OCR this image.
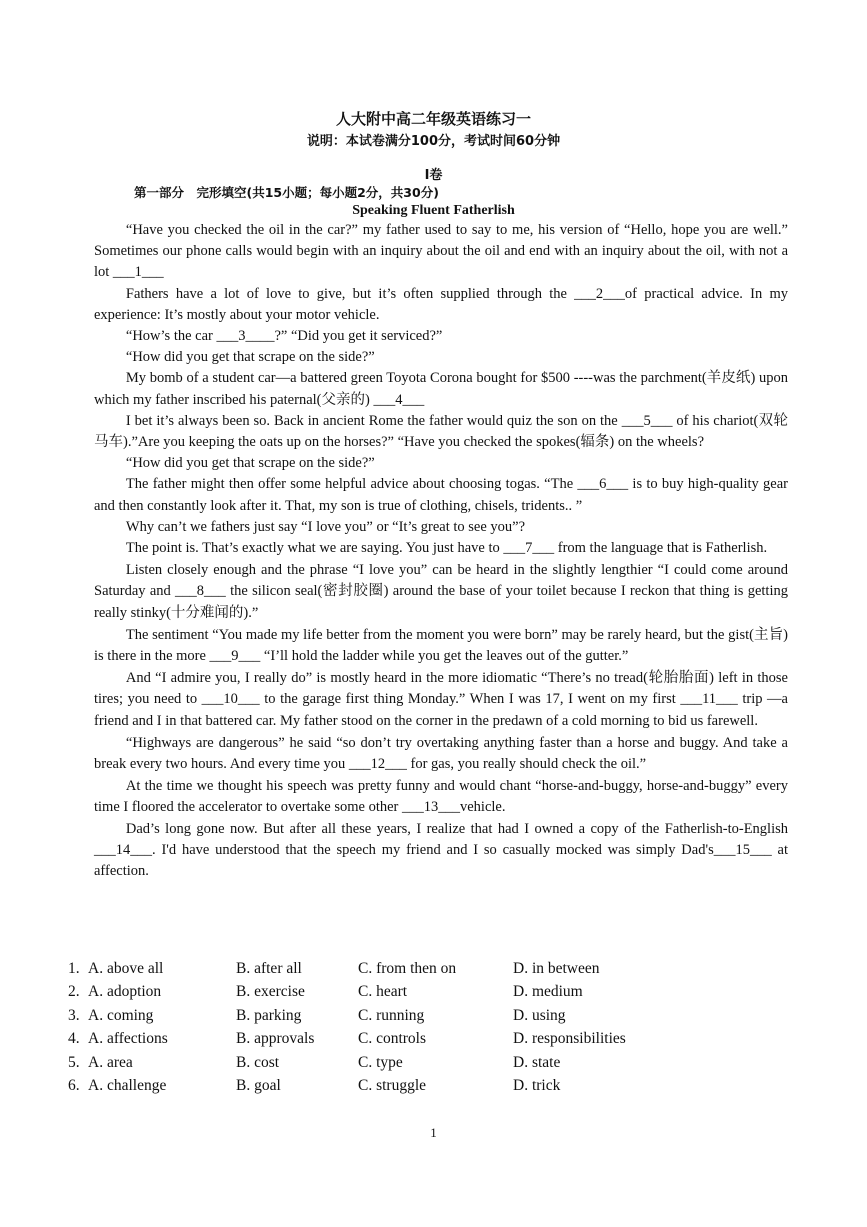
人大附中高二年级英语练习一
说明：本试卷满分100分，考试时间60分钟
I卷
第一部分　完形填空(共15小题；每小题2分，共30分)
Speaking Fluent Fatherlish

“Have you checked the oil in the car?” my father used to say to me, his version of “Hello, hope you are well.” Sometimes our phone calls would begin with an inquiry about the oil and end with an inquiry about the oil, with not a lot ___1___

Fathers have a lot of love to give, but it’s often supplied through the ___2___of practical advice. In my experience: It’s mostly about your motor vehicle.

“How’s the car ___3____?” “Did you get it serviced?”

“How did you get that scrape on the side?”

My bomb of a student car—a battered green Toyota Corona bought for $500 ----was the parchment(羊皮纸) upon which my father inscribed his paternal(父亲的) ___4___

I bet it’s always been so. Back in ancient Rome the father would quiz the son on the ___5___ of his chariot(双轮马车).”Are you keeping the oats up on the horses?” “Have you checked the spokes(辐条) on the wheels?

“How did you get that scrape on the side?”

The father might then offer some helpful advice about choosing togas. “The ___6___ is to buy high-quality gear and then constantly look after it. That, my son is true of clothing, chisels, tridents.. ”

Why can’t we fathers just say “I love you” or “It’s great to see you”?

The point is. That’s exactly what we are saying. You just have to ___7___ from the language that is Fatherlish.

Listen closely enough and the phrase “I love you” can be heard in the slightly lengthier “I could come around Saturday and ___8___ the silicon seal(密封胶圈) around the base of your toilet because I reckon that thing is getting really stinky(十分难闻的).”

The sentiment “You made my life better from the moment you were born” may be rarely heard, but the gist(主旨) is there in the more ___9___ “I’ll hold the ladder while you get the leaves out of the gutter.”

And “I admire you, I really do” is mostly heard in the more idiomatic “There’s no tread(轮胎胎面) left in those tires; you need to ___10___ to the garage first thing Monday.” When I was 17, I went on my first ___11___ trip —a friend and I in that battered car. My father stood on the corner in the predawn of a cold morning to bid us farewell.

“Highways are dangerous” he said “so don’t try overtaking anything faster than a horse and buggy. And take a break every two hours. And every time you ___12___ for gas, you really should check the oil.”

At the time we thought his speech was pretty funny and would chant “horse-and-buggy, horse-and-buggy” every time I floored the accelerator to overtake some other ___13___vehicle.

Dad’s long gone now. But after all these years, I realize that had I owned a copy of the Fatherlish-to-English ___14___. I'd have understood that the speech my friend and I so casually mocked was simply Dad's___15___ at affection.

1. A. above all	B. after all	C. from then on	D. in between
2. A. adoption	B. exercise	C. heart	D. medium
3. A. coming	B. parking	C. running	D. using
4. A. affections	B. approvals	C. controls	D. responsibilities
5. A. area	B. cost	C. type	D. state
6. A. challenge	B. goal	C. struggle	D. trick
1
